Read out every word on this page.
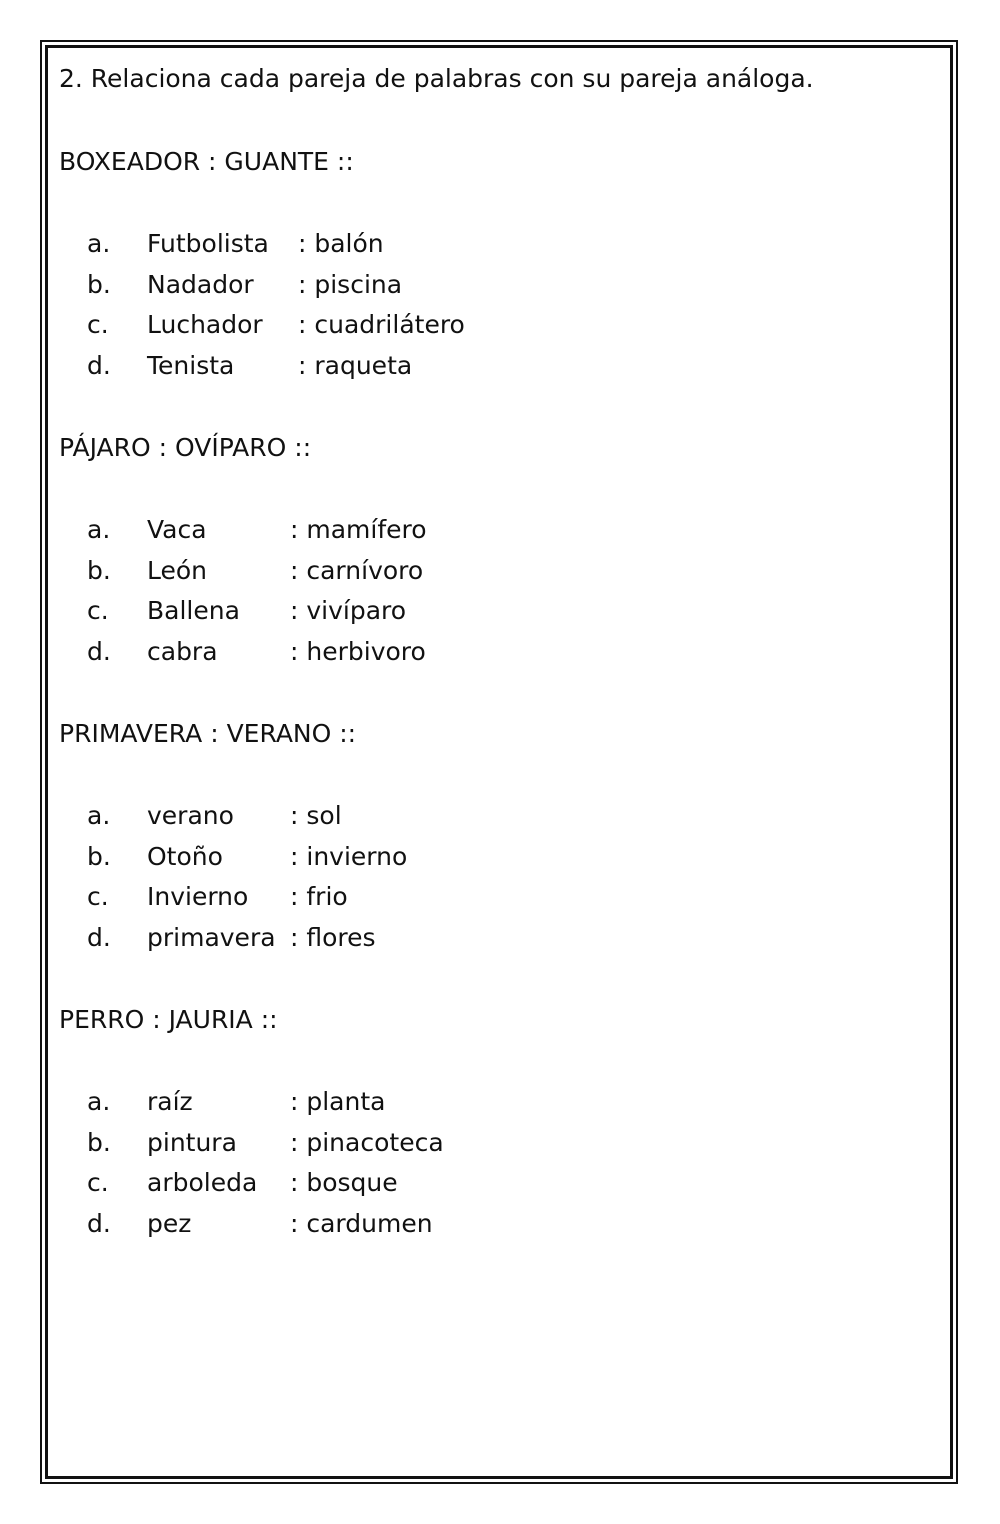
2. Relaciona cada pareja de palabras con su pareja análoga.
BOXEADOR : GUANTE ::
a. Futbolista : balón
b. Nadador : piscina
c.	Luchador : cuadrilátero
d. Tenista	: raqueta
PÁJARO : OVÍPARO ::
a. Vaca	: mamífero
b. León	: carnívoro
c.	Ballena : vivíparo
d. cabra	: herbivoro
PRIMAVERA : VERANO ::
a. verano : sol
b. Otoño	: invierno
c.	Invierno : frio
d. primavera : flores
PERRO : JAURIA ::
a. raíz	: planta
b. pintura : pinacoteca
c.	arboleda : bosque
d. pez	: cardumen
